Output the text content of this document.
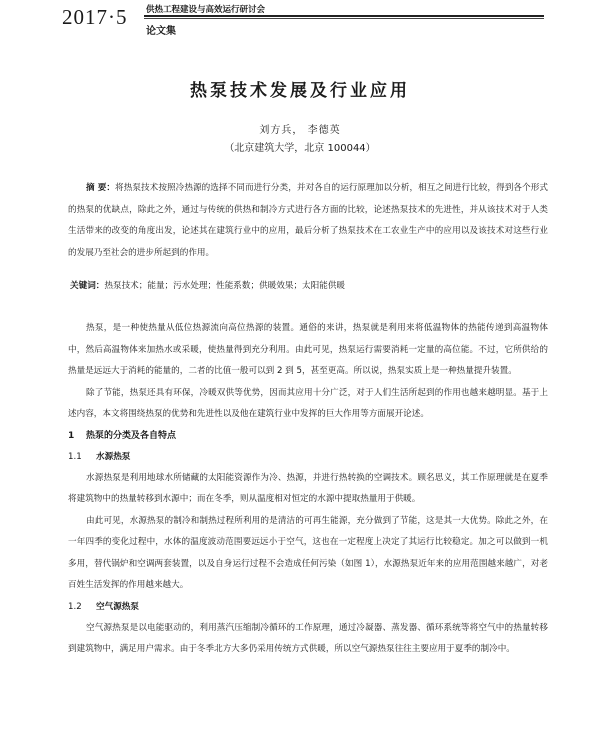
2017·5 供热工程建设与高效运行研讨会
论文集
热泵技术发展及行业应用
刘方兵， 李德英
（北京建筑大学，北京 100044）
摘 要：将热泵技术按照冷热源的选择不同而进行分类，并对各自的运行原理加以分析，相互之间进行比较，得到各个形式的热泵的优缺点，除此之外，通过与传统的供热和制冷方式进行各方面的比较，论述热泵技术的先进性，并从该技术对于人类生活带来的改变的角度出发，论述其在建筑行业中的应用，最后分析了热泵技术在工农业生产中的应用以及该技术对这些行业的发展乃至社会的进步所起到的作用。
关键词：热泵技术；能量；污水处理；性能系数；供暖效果；太阳能供暖

热泵，是一种使热量从低位热源流向高位热源的装置。通俗的来讲，热泵就是利用来将低温物体的热能传递到高温物体中，然后高温物体来加热水或采暖，使热量得到充分利用。由此可见，热泵运行需要消耗一定量的高位能。不过，它所供给的热量是远远大于消耗的能量的，二者的比值一般可以到 2 到 5，甚至更高。所以说，热泵实质上是一种热量提升装置。

除了节能，热泵还具有环保，冷暖双供等优势，因而其应用十分广泛，对于人们生活所起到的作用也越来越明显。基于上述内容，本文将围绕热泵的优势和先进性以及他在建筑行业中发挥的巨大作用等方面展开论述。

1 热泵的分类及各自特点

1.1 水源热泵

水源热泵是利用地球水所储藏的太阳能资源作为冷、热源，并进行热转换的空调技术。顾名思义，其工作原理就是在夏季将建筑物中的热量转移到水源中；而在冬季，则从温度相对恒定的水源中提取热量用于供暖。

由此可见，水源热泵的制冷和制热过程所利用的是清洁的可再生能源，充分做到了节能，这是其一大优势。除此之外，在一年四季的变化过程中，水体的温度波动范围要远远小于空气，这也在一定程度上决定了其运行比较稳定。加之可以做到一机多用，替代锅炉和空调两套装置，以及自身运行过程不会造成任何污染（如图 1），水源热泵近年来的应用范围越来越广，对老百姓生活发挥的作用越来越大。

1.2 空气源热泵

空气源热泵是以电能驱动的，利用蒸汽压缩制冷循环的工作原理，通过冷凝器、蒸发器、循环系统等将空气中的热量转移到建筑物中，满足用户需求。由于冬季北方大多仍采用传统方式供暖，所以空气源热泵往往主要应用于夏季的制冷中。
